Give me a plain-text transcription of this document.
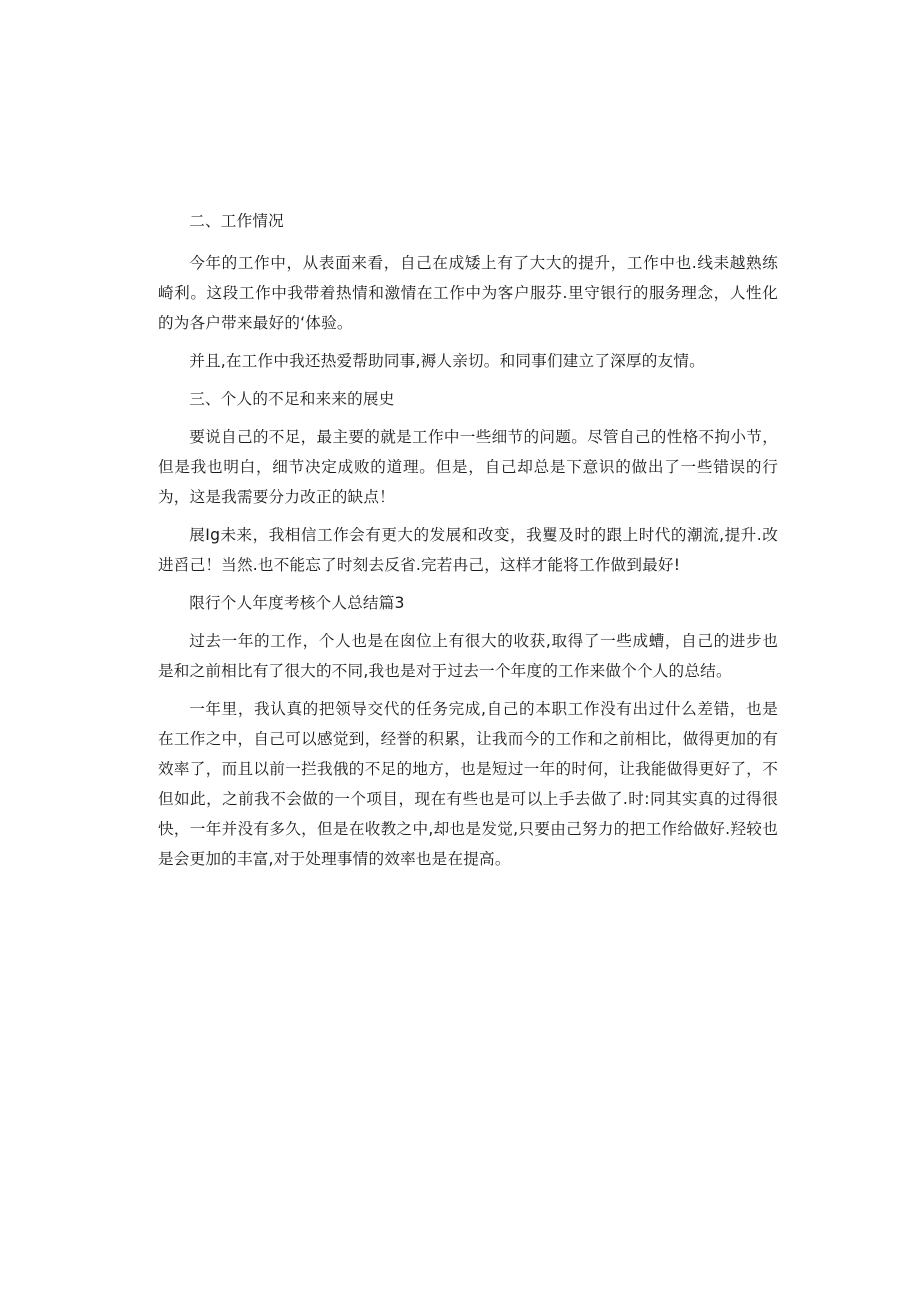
二、工作情况

今年的工作中，从表面来看，自己在成矮上有了大大的提升，工作中也.线耒越熟练崎利。这段工作中我带着热情和激情在工作中为客户服芬.里守银行的服务理念，人性化的为各户带来最好的‘体验。

并且,在工作中我还热爱帮助同事,褥人亲切。和同事们建立了深厚的友情。

三、个人的不足和来来的展史

要说自己的不足，最主要的就是工作中一些细节的问题。尽管自己的性格不拘小节，但是我也明白，细节决定成败的道理。但是，自己却总是下意识的做出了一些错误的行为，这是我需要分力改正的缺点！

展Ig未来，我相信工作会有更大的发展和改变，我矍及时的跟上时代的潮流,提升.改进舀己！当然.也不能忘了时刻去反省.完若冉己，这样才能将工作做到最好!

限行个人年度考核个人总结篇3

过去一年的工作，个人也是在囱位上有很大的收获,取得了一些成螬，自己的进步也是和之前相比有了很大的不同,我也是对于过去一个年度的工作来做个个人的总结。

一年里，我认真的把领导交代的任务完成,自己的本职工作没有出过什么差错，也是在工作之中，自己可以感觉到，经誉的积累，让我而今的工作和之前相比，做得更加的有效率了，而且以前一拦我俄的不足的地方，也是短过一年的时何，让我能做得更好了，不但如此，之前我不会做的一个项目，现在有些也是可以上手去做了.时:同其实真的过得很快，一年并没有多久，但是在收教之中,却也是发觉,只要由己努力的把工作给做好.羟较也是会更加的丰富,对于处理事情的效率也是在提高。
